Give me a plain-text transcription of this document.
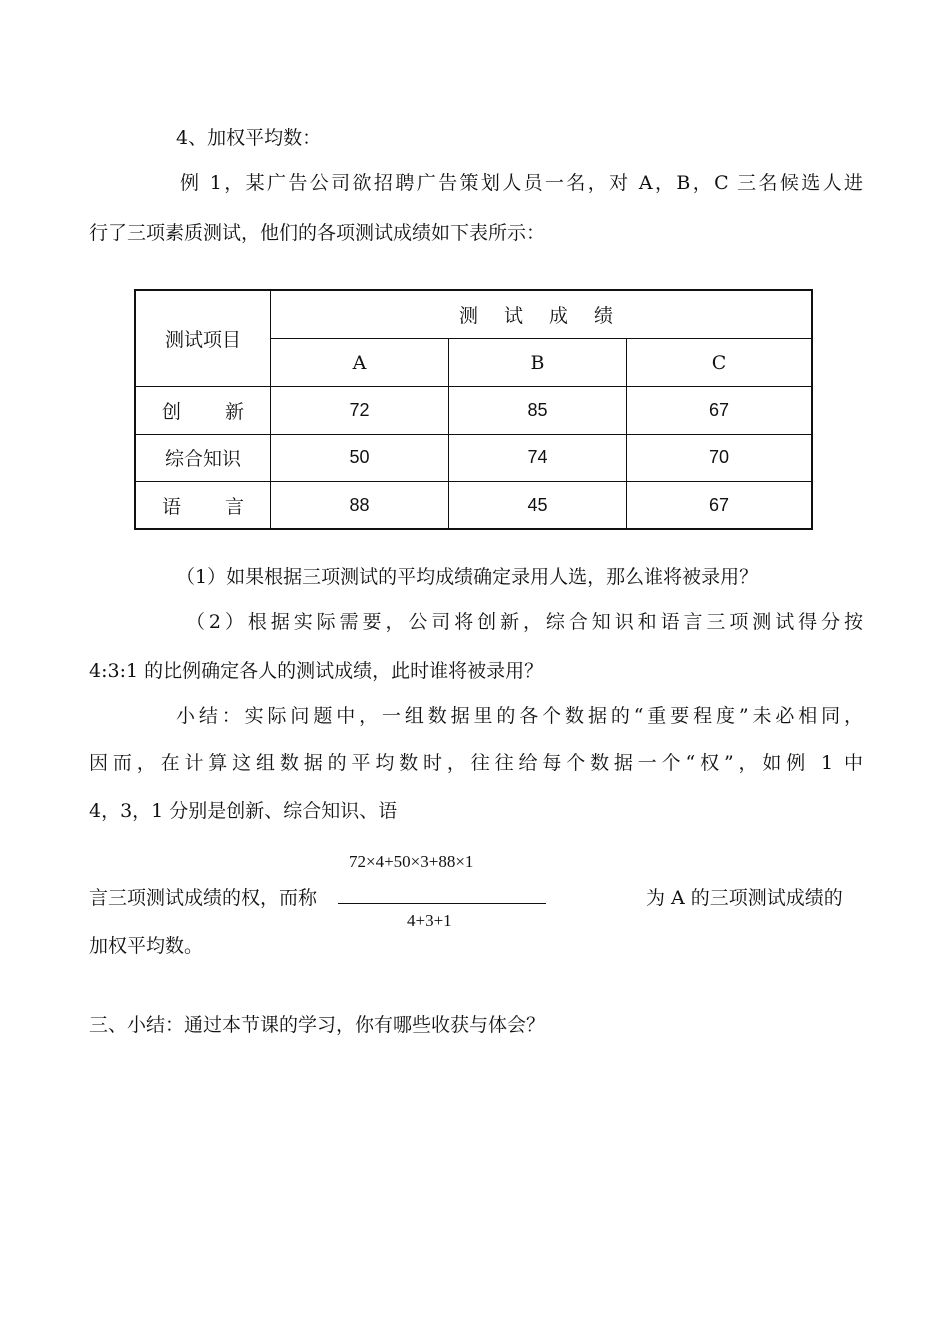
4、加权平均数：
例 1，某广告公司欲招聘广告策划人员一名，对 A，B，C 三名候选人进
行了三项素质测试，他们的各项测试成绩如下表所示：
测试项目	测 试 成 绩		
	A	B	C

创 新	72	85	67
综合知识	50	74	70

语 言	88	45	67
（1）如果根据三项测试的平均成绩确定录用人选，那么谁将被录用？
（2）根据实际需要，公司将创新，综合知识和语言三项测试得分按
4:3:1 的比例确定各人的测试成绩，此时谁将被录用？
小结：实际问题中，一组数据里的各个数据的“重要程度”未必相同，
因而，在计算这组数据的平均数时，往往给每个数据一个“权”，如例 1 中
4，3，1 分别是创新、综合知识、语
72×4+50×3+88×1
4+3+1
言三项测试成绩的权，而称	为 A 的三项测试成绩的
加权平均数。
三、小结：通过本节课的学习，你有哪些收获与体会？
